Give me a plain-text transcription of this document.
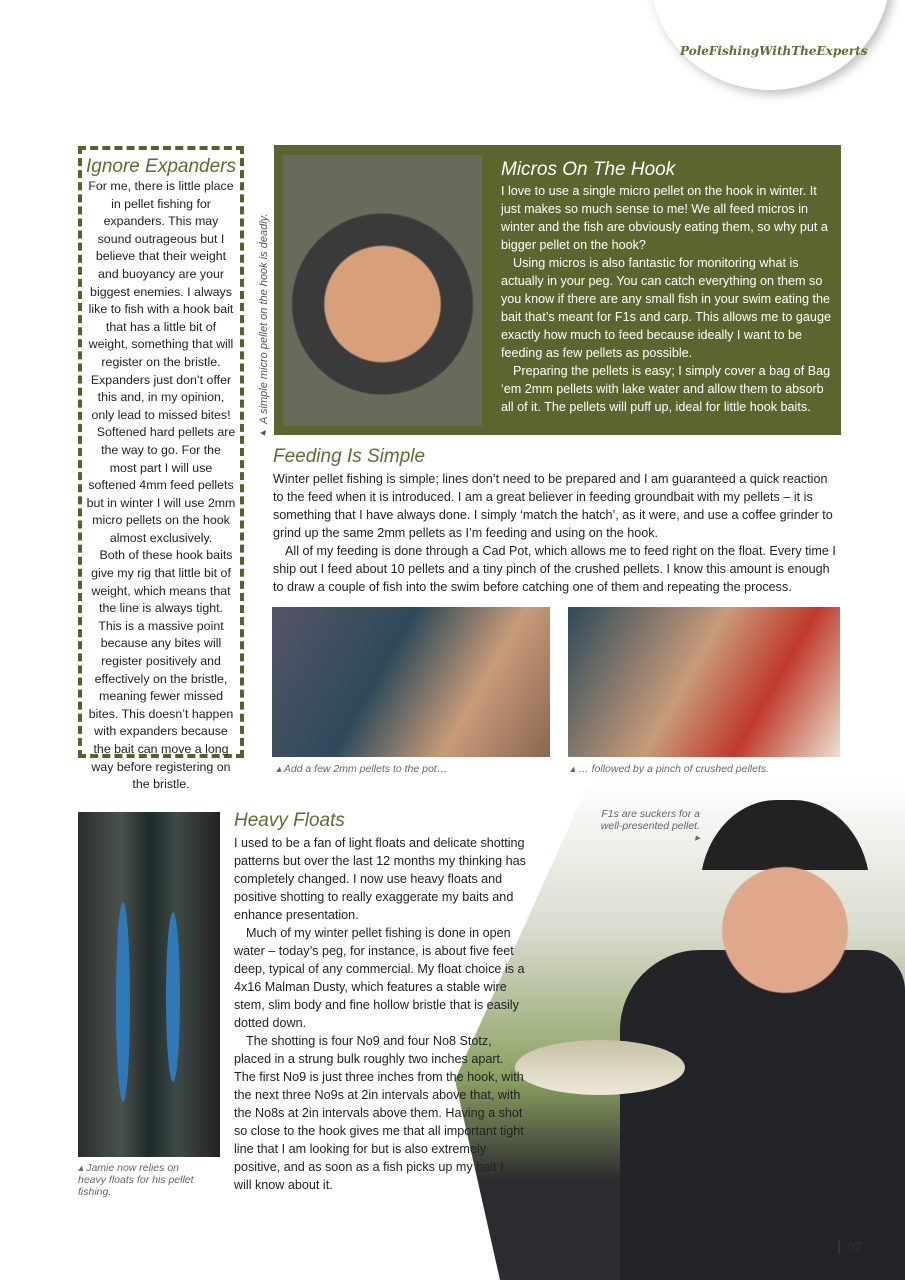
PoleFishingWithTheExperts
Ignore Expanders

For me, there is little place in pellet fishing for expanders. This may sound outrageous but I believe that their weight and buoyancy are your biggest enemies. I always like to fish with a hook bait that has a little bit of weight, something that will register on the bristle. Expanders just don’t offer this and, in my opinion, only lead to missed bites!

Softened hard pellets are the way to go. For the most part I will use softened 4mm feed pellets but in winter I will use 2mm micro pellets on the hook almost exclusively.

Both of these hook baits give my rig that little bit of weight, which means that the line is always tight. This is a massive point because any bites will register positively and effectively on the bristle, meaning fewer missed bites. This doesn’t happen with expanders because the bait can move a long way before registering on the bristle.

▸ A simple micro pellet on the hook is deadly.
Micros On The Hook

I love to use a single micro pellet on the hook in winter. It just makes so much sense to me! We all feed micros in winter and the fish are obviously eating them, so why put a bigger pellet on the hook?

Using micros is also fantastic for monitoring what is actually in your peg. You can catch everything on them so you know if there are any small fish in your swim eating the bait that’s meant for F1s and carp. This allows me to gauge exactly how much to feed because ideally I want to be feeding as few pellets as possible.

Preparing the pellets is easy; I simply cover a bag of Bag ‘em 2mm pellets with lake water and allow them to absorb all of it. The pellets will puff up, ideal for little hook baits.

Feeding Is Simple

Winter pellet fishing is simple; lines don’t need to be prepared and I am guaranteed a quick reaction to the feed when it is introduced. I am a great believer in feeding groundbait with my pellets – it is something that I have always done. I simply ‘match the hatch’, as it were, and use a coffee grinder to grind up the same 2mm pellets as I’m feeding and using on the hook.

All of my feeding is done through a Cad Pot, which allows me to feed right on the float. Every time I ship out I feed about 10 pellets and a tiny pinch of the crushed pellets. I know this amount is enough to draw a couple of fish into the swim before catching one of them and repeating the process.

▴ Add a few 2mm pellets to the pot…	▴ … followed by a pinch of crushed pellets.
▴ Jamie now relies on heavy floats for his pellet fishing.
F1s are suckers for a well-presented pellet. ▸
Heavy Floats

I used to be a fan of light floats and delicate shotting patterns but over the last 12 months my thinking has completely changed. I now use heavy floats and positive shotting to really exaggerate my baits and enhance presentation.

Much of my winter pellet fishing is done in open water – today’s peg, for instance, is about five feet deep, typical of any commercial. My float choice is a 4x16 Malman Dusty, which features a stable wire stem, slim body and fine hollow bristle that is easily dotted down.

The shotting is four No9 and four No8 Stotz, placed in a strung bulk roughly two inches apart. The first No9 is just three inches from the hook, with the next three No9s at 2in intervals above that, with the No8s at 2in intervals above them. Having a shot so close to the hook gives me that all important tight line that I am looking for but is also extremely positive, and as soon as a fish picks up my bait I will know about it.

07
